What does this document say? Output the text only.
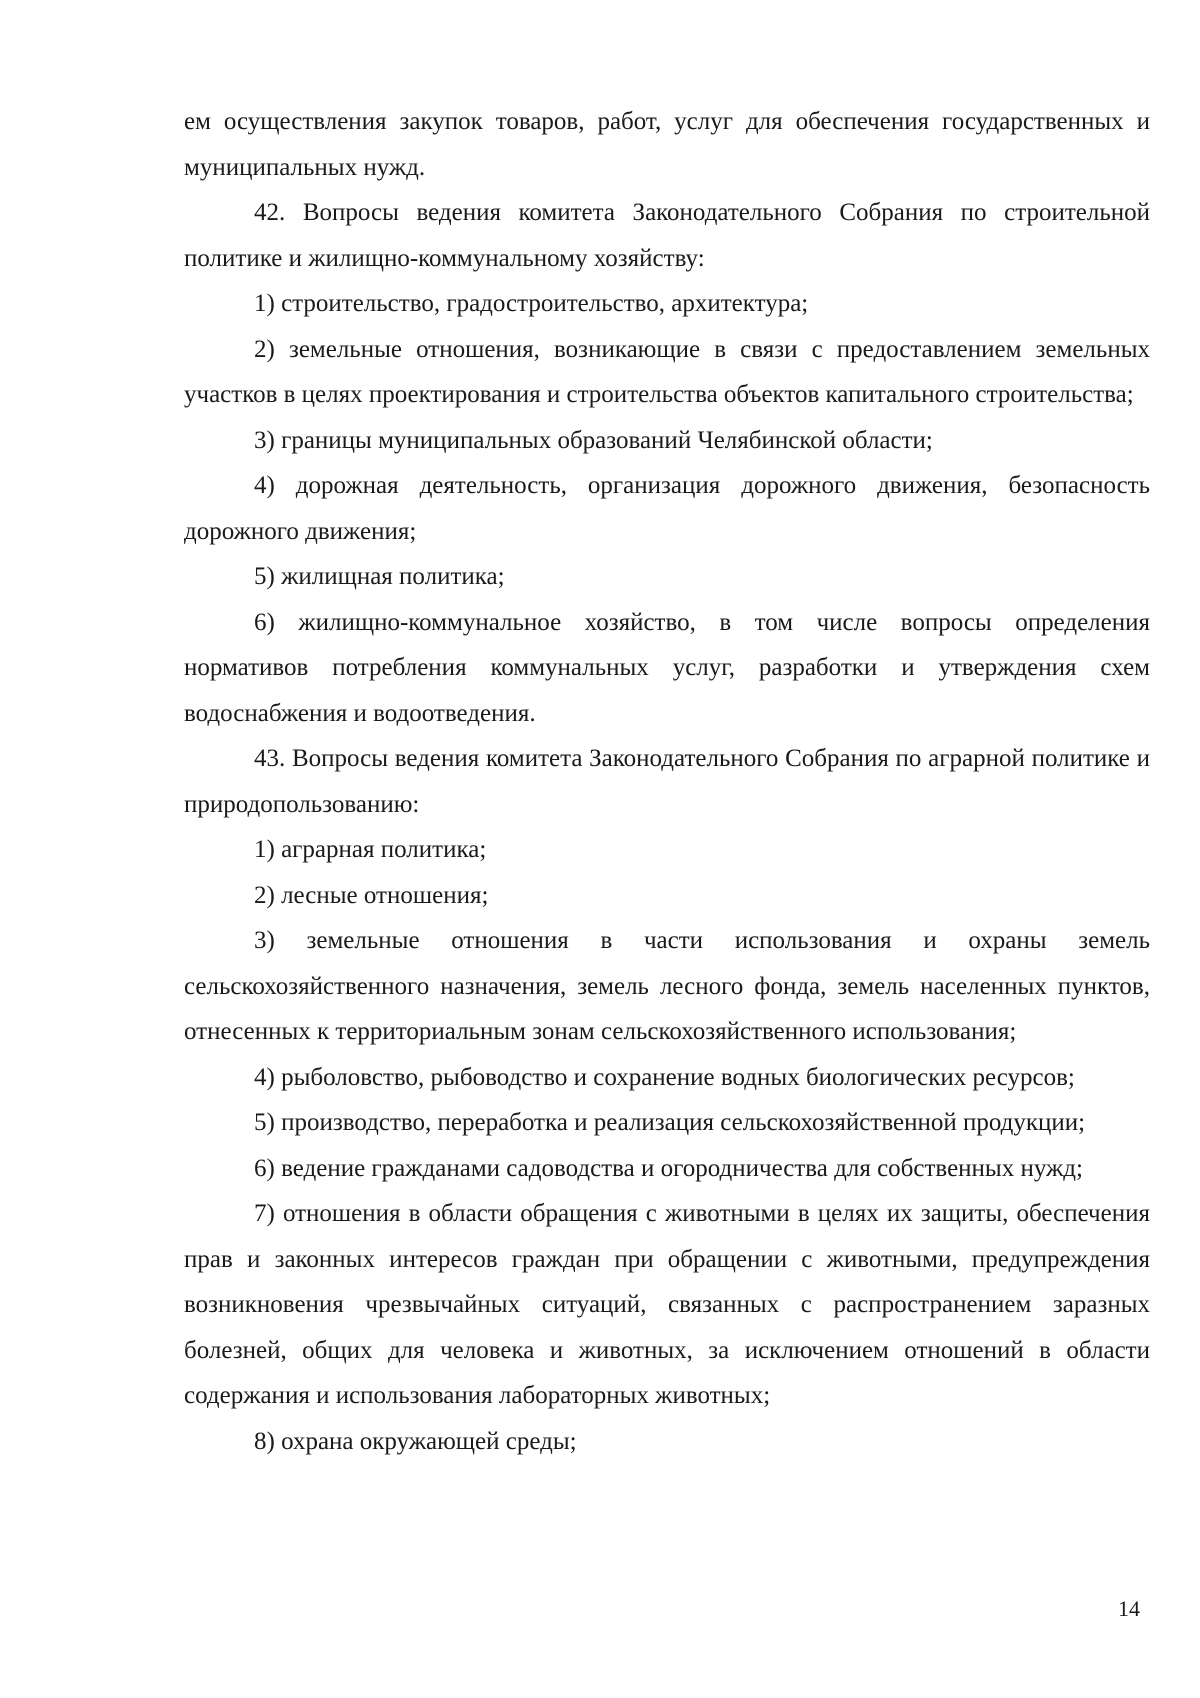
ем осуществления закупок товаров, работ, услуг для обеспечения государственных и муниципальных нужд.

42. Вопросы ведения комитета Законодательного Собрания по строительной политике и жилищно-коммунальному хозяйству:

1) строительство, градостроительство, архитектура;

2) земельные отношения, возникающие в связи с предоставлением земельных участков в целях проектирования и строительства объектов капитального строительства;

3) границы муниципальных образований Челябинской области;

4) дорожная деятельность, организация дорожного движения, безопасность дорожного движения;

5) жилищная политика;

6) жилищно-коммунальное хозяйство, в том числе вопросы определения нормативов потребления коммунальных услуг, разработки и утверждения схем водоснабжения и водоотведения.

43. Вопросы ведения комитета Законодательного Собрания по аграрной политике и природопользованию:

1) аграрная политика;

2) лесные отношения;

3) земельные отношения в части использования и охраны земель сельскохозяйственного назначения, земель лесного фонда, земель населенных пунктов, отнесенных к территориальным зонам сельскохозяйственного использования;

4) рыболовство, рыбоводство и сохранение водных биологических ресурсов;

5) производство, переработка и реализация сельскохозяйственной продукции;

6) ведение гражданами садоводства и огородничества для собственных нужд;

7) отношения в области обращения с животными в целях их защиты, обеспечения прав и законных интересов граждан при обращении с животными, предупреждения возникновения чрезвычайных ситуаций, связанных с распространением заразных болезней, общих для человека и животных, за исключением отношений в области содержания и использования лабораторных животных;

8) охрана окружающей среды;

14
